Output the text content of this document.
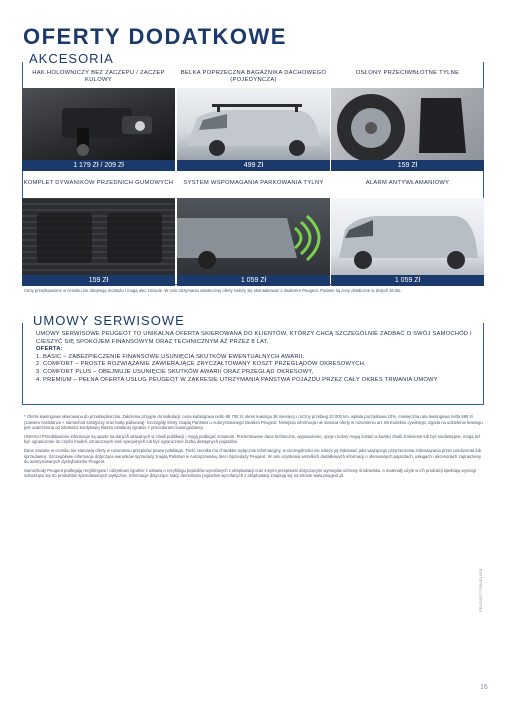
OFERTY DODATKOWE
AKCESORIA
HAK HOLOWNICZY BEZ ZACZEPU / ZACZEP KULOWY
1 179 Zł / 209 Zł
BELKA POPRZECZNA BAGAŻNIKA DACHOWEGO (POJEDYNCZA)
499 Zł
OSŁONY PRZECIWBŁOTNE TYLNE
159 Zł
KOMPLET DYWANIKÓW PRZEDNICH GUMOWYCH
159 Zł
SYSTEM WSPOMAGANIA PARKOWANIA TYLNY
1 059 Zł
ALARM ANTYWŁAMANIOWY
1 059 Zł
Ceny przedstawione w cenniku nie obejmują montażu i mogą ulec zmianie. W celu otrzymania ostatecznej oferty należy się skontaktować z dealerem Peugeot. Podane są ceny detaliczne w złotych brutto.
UMOWY SERWISOWE
UMOWY SERWISOWE PEUGEOT TO UNIKALNA OFERTA SKIEROWANA DO KLIENTÓW, KTÓRZY CHCĄ SZCZEGÓLNIE ZADBAĆ O SWÓJ SAMOCHÓD I CIESZYĆ SIĘ SPOKOJEM FINANSOWYM ORAZ TECHNICZNYM AŻ PRZEZ 8 LAT.
OFERTA:
1. BASIC – ZABEZPIECZENIE FINANSOWE USUNIĘCIA SKUTKÓW EWENTUALNYCH AWARII,
2. COMFORT – PROSTE ROZWIĄZANIE ZAWIERAJĄCE ZRYCZAŁTOWANY KOSZT PRZEGLĄDÓW OKRESOWYCH,
3. COMFORT PLUS – OBEJMUJE USUNIĘCIE SKUTKÓW AWARII ORAZ PRZEGLĄD OKRESOWY,
4. PREMIUM – PEŁNA OFERTA USŁUG PEUGEOT W ZAKRESIE UTRZYMANIA PAŃSTWA POJAZDU PRZEZ CAŁY OKRES TRWANIA UMOWY

* Oferta leasingowa skierowana do przedsiębiorców. Założenia przyjęte do kalkulacji: cena katalogowa netto 85 700 zł, okres leasingu 36 miesięcy i roczny przebieg 20 000 km, wpłata początkowa 10%, miesięczna rata leasingowa netto 569 zł (zawiera Assistance + samochód zastępczy oraz kartę paliwową). Szczegóły oferty znajdą Państwo u Autoryzowanego Dealera Peugeot. Niniejsza informacja nie stanowi oferty w rozumieniu art. 66 Kodeksu cywilnego. Zgoda na udzielenie leasingu jest uzależniona od zdolności kredytowej klienta ustalanej zgodnie z procedurami leasingodawcy.

UWAGA! Przedstawione informacje są oparte na danych aktualnych w chwili publikacji i mogą podlegać zmianom. Prezentowane dane techniczne, wyposażenie, opcje i kolory mogą zostać w każdej chwili zmienione lub być niedostępne, mogą też być ograniczone do części modeli, oznaczonych serii specjalnych lub być ograniczone liczbą dostępnych pojazdów.

Dane zawarte w cenniku nie stanowią oferty w rozumieniu przepisów prawa polskiego. Treść cennika ma charakter wyłącznie informacyjny, w szczególności nie należy jej traktować jako wiążącego przyrzeczenia zobowiązania przez producenta lub sprzedawcę. Szczegółowe informacje dotyczące warunków sprzedaży znajdą Państwo w Autoryzowanej Sieci Sprzedaży Peugeot. W celu uzyskania wszelkich dodatkowych informacji o oferowanych pojazdach, usługach i akcesoriach zapraszamy do autoryzowanych dystrybutorów Peugeot.

Samochody Peugeot podlegają recyklingowi i odzyskowi zgodnie z ustawą o recyklingu pojazdów wycofanych z eksploatacji oraz innymi przepisami dotyczącymi wymogów ochrony środowiska, a materiały użyte w ich produkcji spełniają wymogi odnoszące się do produktów sprzedawanych wyłącznie. Informacje dotyczące stacji demontażu pojazdów wycofanych z eksploatacji znajdują się na stronie www.peugeot.pl.

PEUGEOT TRAVELLER
16
